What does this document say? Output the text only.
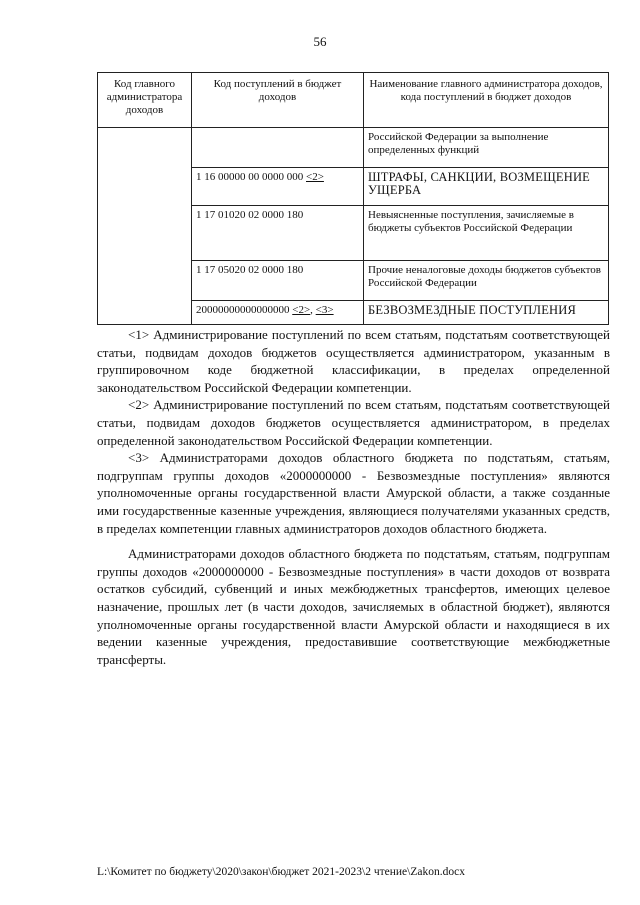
56
Код главного администратора доходов	Код поступлений в бюджет доходов	Наименование главного администратора доходов, кода поступлений в бюджет доходов
		Российской Федерации за выполнение определенных функций
	1 16 00000 00 0000 000 <2>	ШТРАФЫ, САНКЦИИ, ВОЗМЕЩЕНИЕ УЩЕРБА
	1 17 01020 02 0000 180	Невыясненные поступления, зачисляемые в бюджеты субъектов Российской Федерации
	1 17 05020 02 0000 180	Прочие неналоговые доходы бюджетов субъектов Российской Федерации
	20000000000000000 <2>, <3>	БЕЗВОЗМЕЗДНЫЕ ПОСТУПЛЕНИЯ

<1> Администрирование поступлений по всем статьям, подстатьям соответствующей статьи, подвидам доходов бюджетов осуществляется администратором, указанным в группировочном коде бюджетной классификации, в пределах определенной законодательством Российской Федерации компетенции.

<2> Администрирование поступлений по всем статьям, подстатьям соответствующей статьи, подвидам доходов бюджетов осуществляется администратором, в пределах определенной законодательством Российской Федерации компетенции.

<3> Администраторами доходов областного бюджета по подстатьям, статьям, подгруппам группы доходов «2000000000 - Безвозмездные поступления» являются уполномоченные органы государственной власти Амурской области, а также созданные ими государственные казенные учреждения, являющиеся получателями указанных средств, в пределах компетенции главных администраторов доходов областного бюджета.

Администраторами доходов областного бюджета по подстатьям, статьям, подгруппам группы доходов «2000000000 - Безвозмездные поступления» в части доходов от возврата остатков субсидий, субвенций и иных межбюджетных трансфертов, имеющих целевое назначение, прошлых лет (в части доходов, зачисляемых в областной бюджет), являются уполномоченные органы государственной власти Амурской области и находящиеся в их ведении казенные учреждения, предоставившие соответствующие межбюджетные трансферты.

L:\Комитет по бюджету\2020\закон\бюджет 2021-2023\2 чтение\Zakon.docx
